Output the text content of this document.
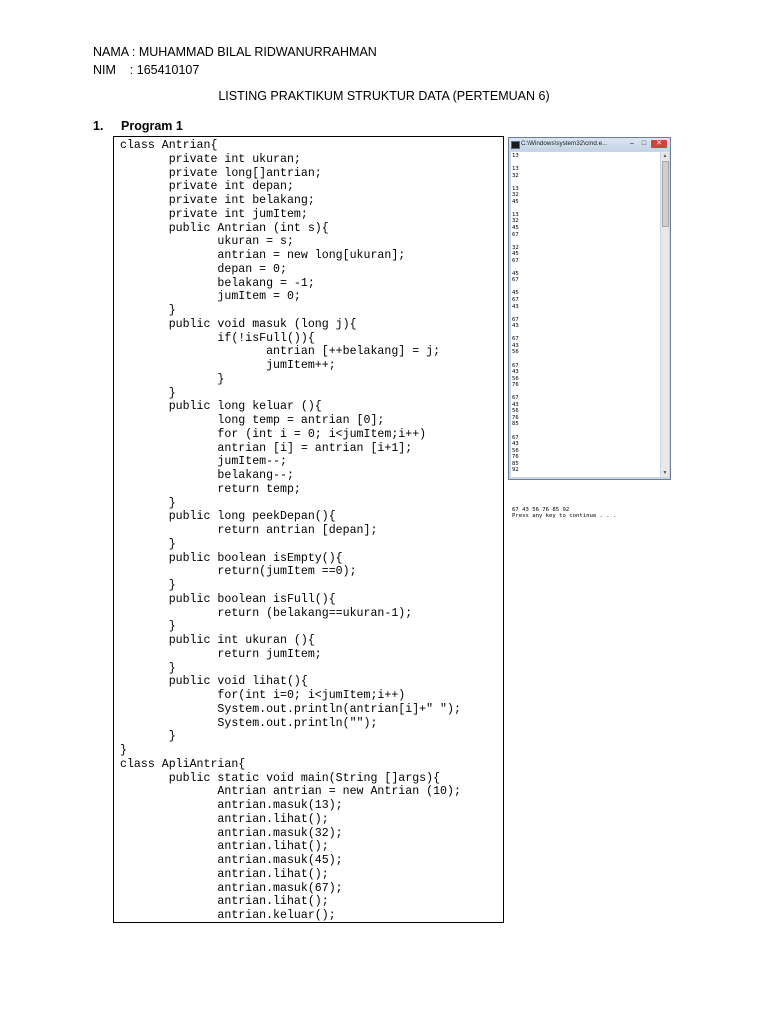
NAMA : MUHAMMAD BILAL RIDWANURRAHMAN
NIM    : 165410107
LISTING PRAKTIKUM STRUKTUR DATA (PERTEMUAN 6)
1. Program 1
class Antrian{
private int ukuran;
private long[]antrian;
private int depan;
private int belakang;
private int jumItem;
public Antrian (int s){
ukuran = s;
antrian = new long[ukuran];
depan = 0;
belakang = -1;
jumItem = 0;
}
public void masuk (long j){
if(!isFull()){
antrian [++belakang] = j;
jumItem++;
}
}
public long keluar (){
long temp = antrian [0];
for (int i = 0; i<jumItem;i++)
antrian [i] = antrian [i+1];
jumItem--;
belakang--;
return temp;
}
public long peekDepan(){
return antrian [depan];
}
public boolean isEmpty(){
return(jumItem ==0);
}
public boolean isFull(){
return (belakang==ukuran-1);
}
public int ukuran (){
return jumItem;
}
public void lihat(){
for(int i=0; i<jumItem;i++)
System.out.println(antrian[i]+" ");
System.out.println("");
}
}
class ApliAntrian{
public static void main(String []args){
Antrian antrian = new Antrian (10);
antrian.masuk(13);
antrian.lihat();
antrian.masuk(32);
antrian.lihat();
antrian.masuk(45);
antrian.lihat();
antrian.masuk(67);
antrian.lihat();
antrian.keluar();
C:\Windows\system32\cmd.e...	–	□	✕
13

13
32

13
32
45

13
32
45
67

32
45
67

45
67

45
67
43

67
43

67
43
56

67
43
56
76

67
43
56
76
85

67
43
56
76
85
92

67 43 56 76 85 92
Press any key to continue . . .
▲
▼
